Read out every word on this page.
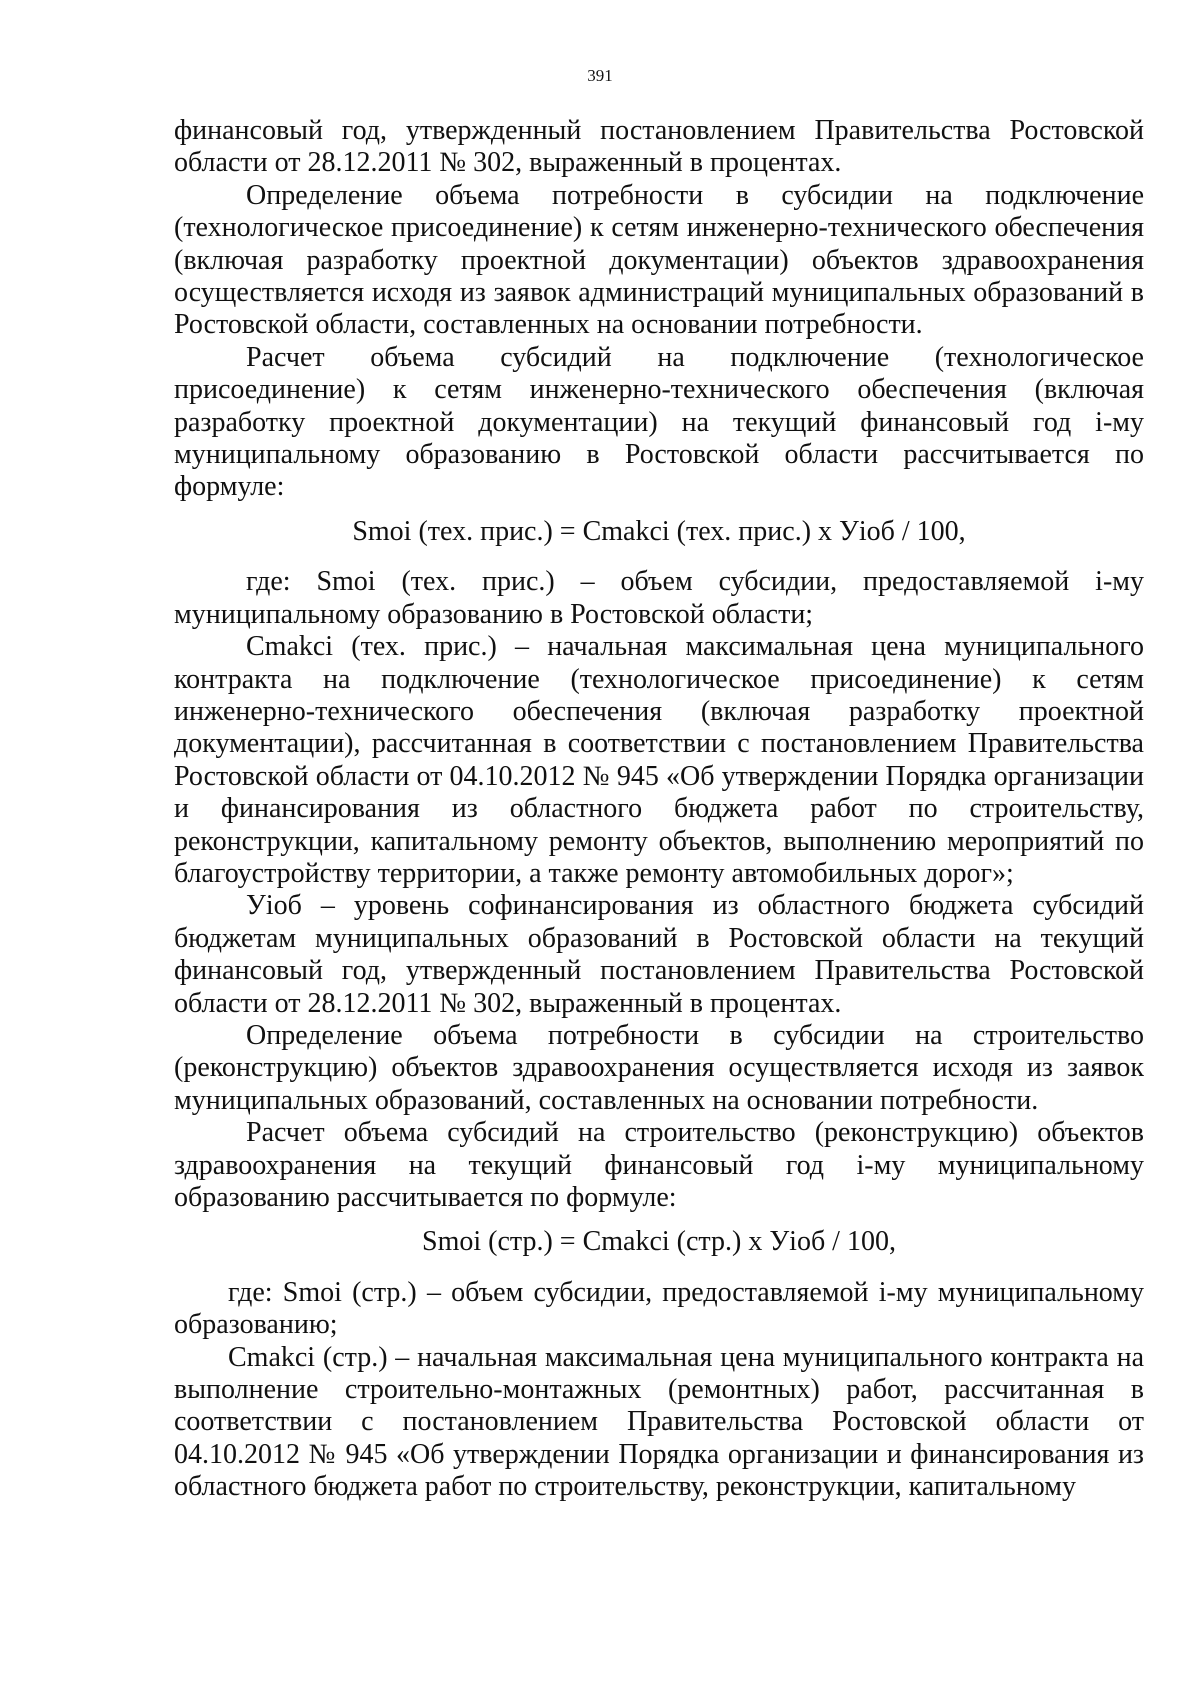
391

финансовый год, утвержденный постановлением Правительства Ростовской области от 28.12.2011 № 302, выраженный в процентах.

Определение объема потребности в субсидии на подключение (технологическое присоединение) к сетям инженерно-технического обеспечения (включая разработку проектной документации) объектов здравоохранения осуществляется исходя из заявок администраций муниципальных образований в Ростовской области, составленных на основании потребности.

Расчет объема субсидий на подключение (технологическое присоединение) к сетям инженерно-технического обеспечения (включая разработку проектной документации) на текущий финансовый год i-му муниципальному образованию в Ростовской области рассчитывается по формуле:

Smoi (тех. прис.) = Cmakci (тех. прис.) х Уioб / 100,

где: Smoi (тех. прис.) – объем субсидии, предоставляемой i-му муниципальному образованию в Ростовской области;

Cmakci (тех. прис.) – начальная максимальная цена муниципального контракта на подключение (технологическое присоединение) к сетям инженерно-технического обеспечения (включая разработку проектной документации), рассчитанная в соответствии с постановлением Правительства Ростовской области от 04.10.2012 № 945 «Об утверждении Порядка организации и финансирования из областного бюджета работ по строительству, реконструкции, капитальному ремонту объектов, выполнению мероприятий по благоустройству территории, а также ремонту автомобильных дорог»;

Уioб – уровень софинансирования из областного бюджета субсидий бюджетам муниципальных образований в Ростовской области на текущий финансовый год, утвержденный постановлением Правительства Ростовской области от 28.12.2011 № 302, выраженный в процентах.

Определение объема потребности в субсидии на строительство (реконструкцию) объектов здравоохранения осуществляется исходя из заявок муниципальных образований, составленных на основании потребности.

Расчет объема субсидий на строительство (реконструкцию) объектов здравоохранения на текущий финансовый год i-му муниципальному образованию рассчитывается по формуле:

Smoi (стр.) = Cmakci (стр.) х Уioб / 100,

где: Smoi (стр.) – объем субсидии, предоставляемой i-му муниципальному образованию;

Cmakci (стр.) – начальная максимальная цена муниципального контракта на выполнение строительно-монтажных (ремонтных) работ, рассчитанная в соответствии с постановлением Правительства Ростовской области от 04.10.2012 № 945 «Об утверждении Порядка организации и финансирования из областного бюджета работ по строительству, реконструкции, капитальному
